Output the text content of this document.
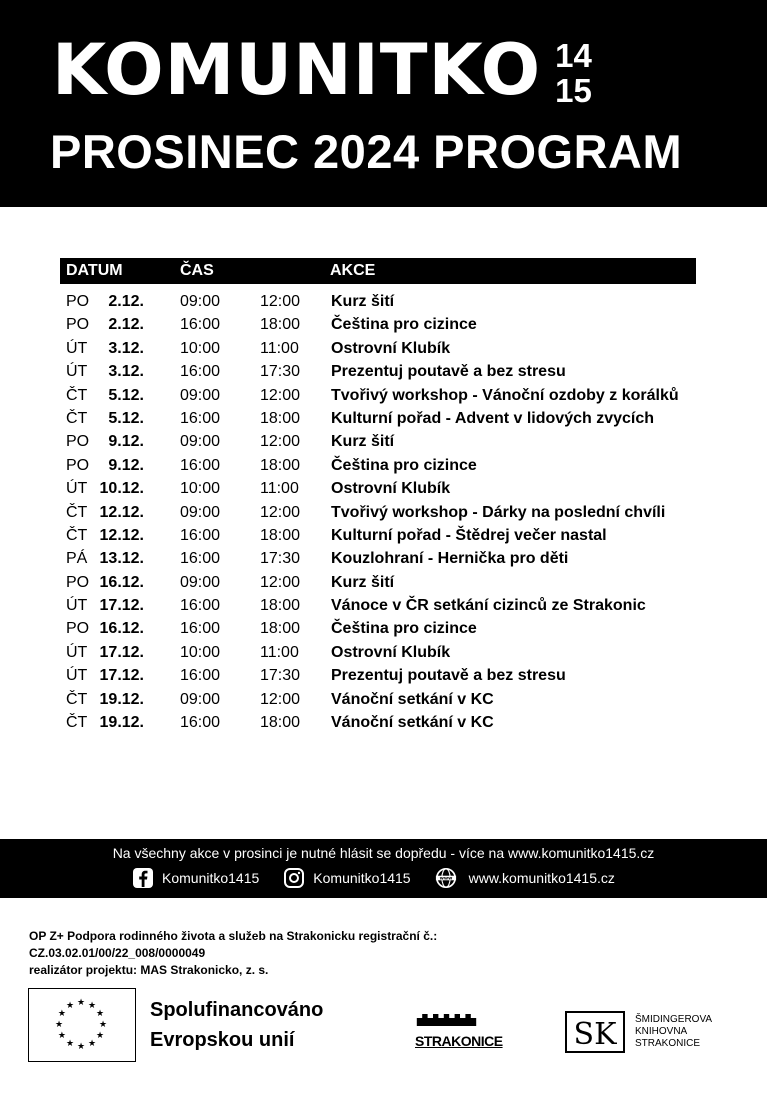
KOMUNITKO 14
15
PROSINEC 2024 PROGRAM
DATUM	ČAS	AKCE
PO 2.12. 09:00 12:00 Kurz šití
PO 2.12. 16:00 18:00 Čeština pro cizince
ÚT 3.12. 10:00 11:00 Ostrovní Klubík
ÚT 3.12. 16:00 17:30 Prezentuj poutavě a bez stresu
ČT 5.12. 09:00 12:00 Tvořivý workshop - Vánoční ozdoby z korálků
ČT 5.12. 16:00 18:00 Kulturní pořad - Advent v lidových zvycích
PO 9.12. 09:00 12:00 Kurz šití
PO 9.12. 16:00 18:00 Čeština pro cizince
ÚT 10.12. 10:00 11:00 Ostrovní Klubík
ČT 12.12. 09:00 12:00 Tvořivý workshop - Dárky na poslední chvíli
ČT 12.12. 16:00 18:00 Kulturní pořad - Štědrej večer nastal
PÁ 13.12. 16:00 17:30 Kouzlohraní - Hernička pro děti
PO 16.12. 09:00 12:00 Kurz šití
ÚT 17.12. 16:00 18:00 Vánoce v ČR setkání cizinců ze Strakonic
PO 16.12. 16:00 18:00 Čeština pro cizince
ÚT 17.12. 10:00 11:00 Ostrovní Klubík
ÚT 17.12. 16:00 17:30 Prezentuj poutavě a bez stresu
ČT 19.12. 09:00 12:00 Vánoční setkání v KC
ČT 19.12. 16:00 18:00 Vánoční setkání v KC
Na všechny akce v prosinci je nutné hlásit se dopředu - více na www.komunitko1415.cz
Komunitko1415	Komunitko1415	www www.komunitko1415.cz
OP Z+ Podpora rodinného života a služeb na Strakonicku registrační č.:
CZ.03.02.01/00/22_008/0000049
realizátor projektu: MAS Strakonicko, z. s.
★
★
★
★
★
★
★
★
★ ★ ★
★ Spolufinancováno
Evropskou unií	STRAKONICE	SK ŠMIDINGEROVA
KNIHOVNA
STRAKONICE
